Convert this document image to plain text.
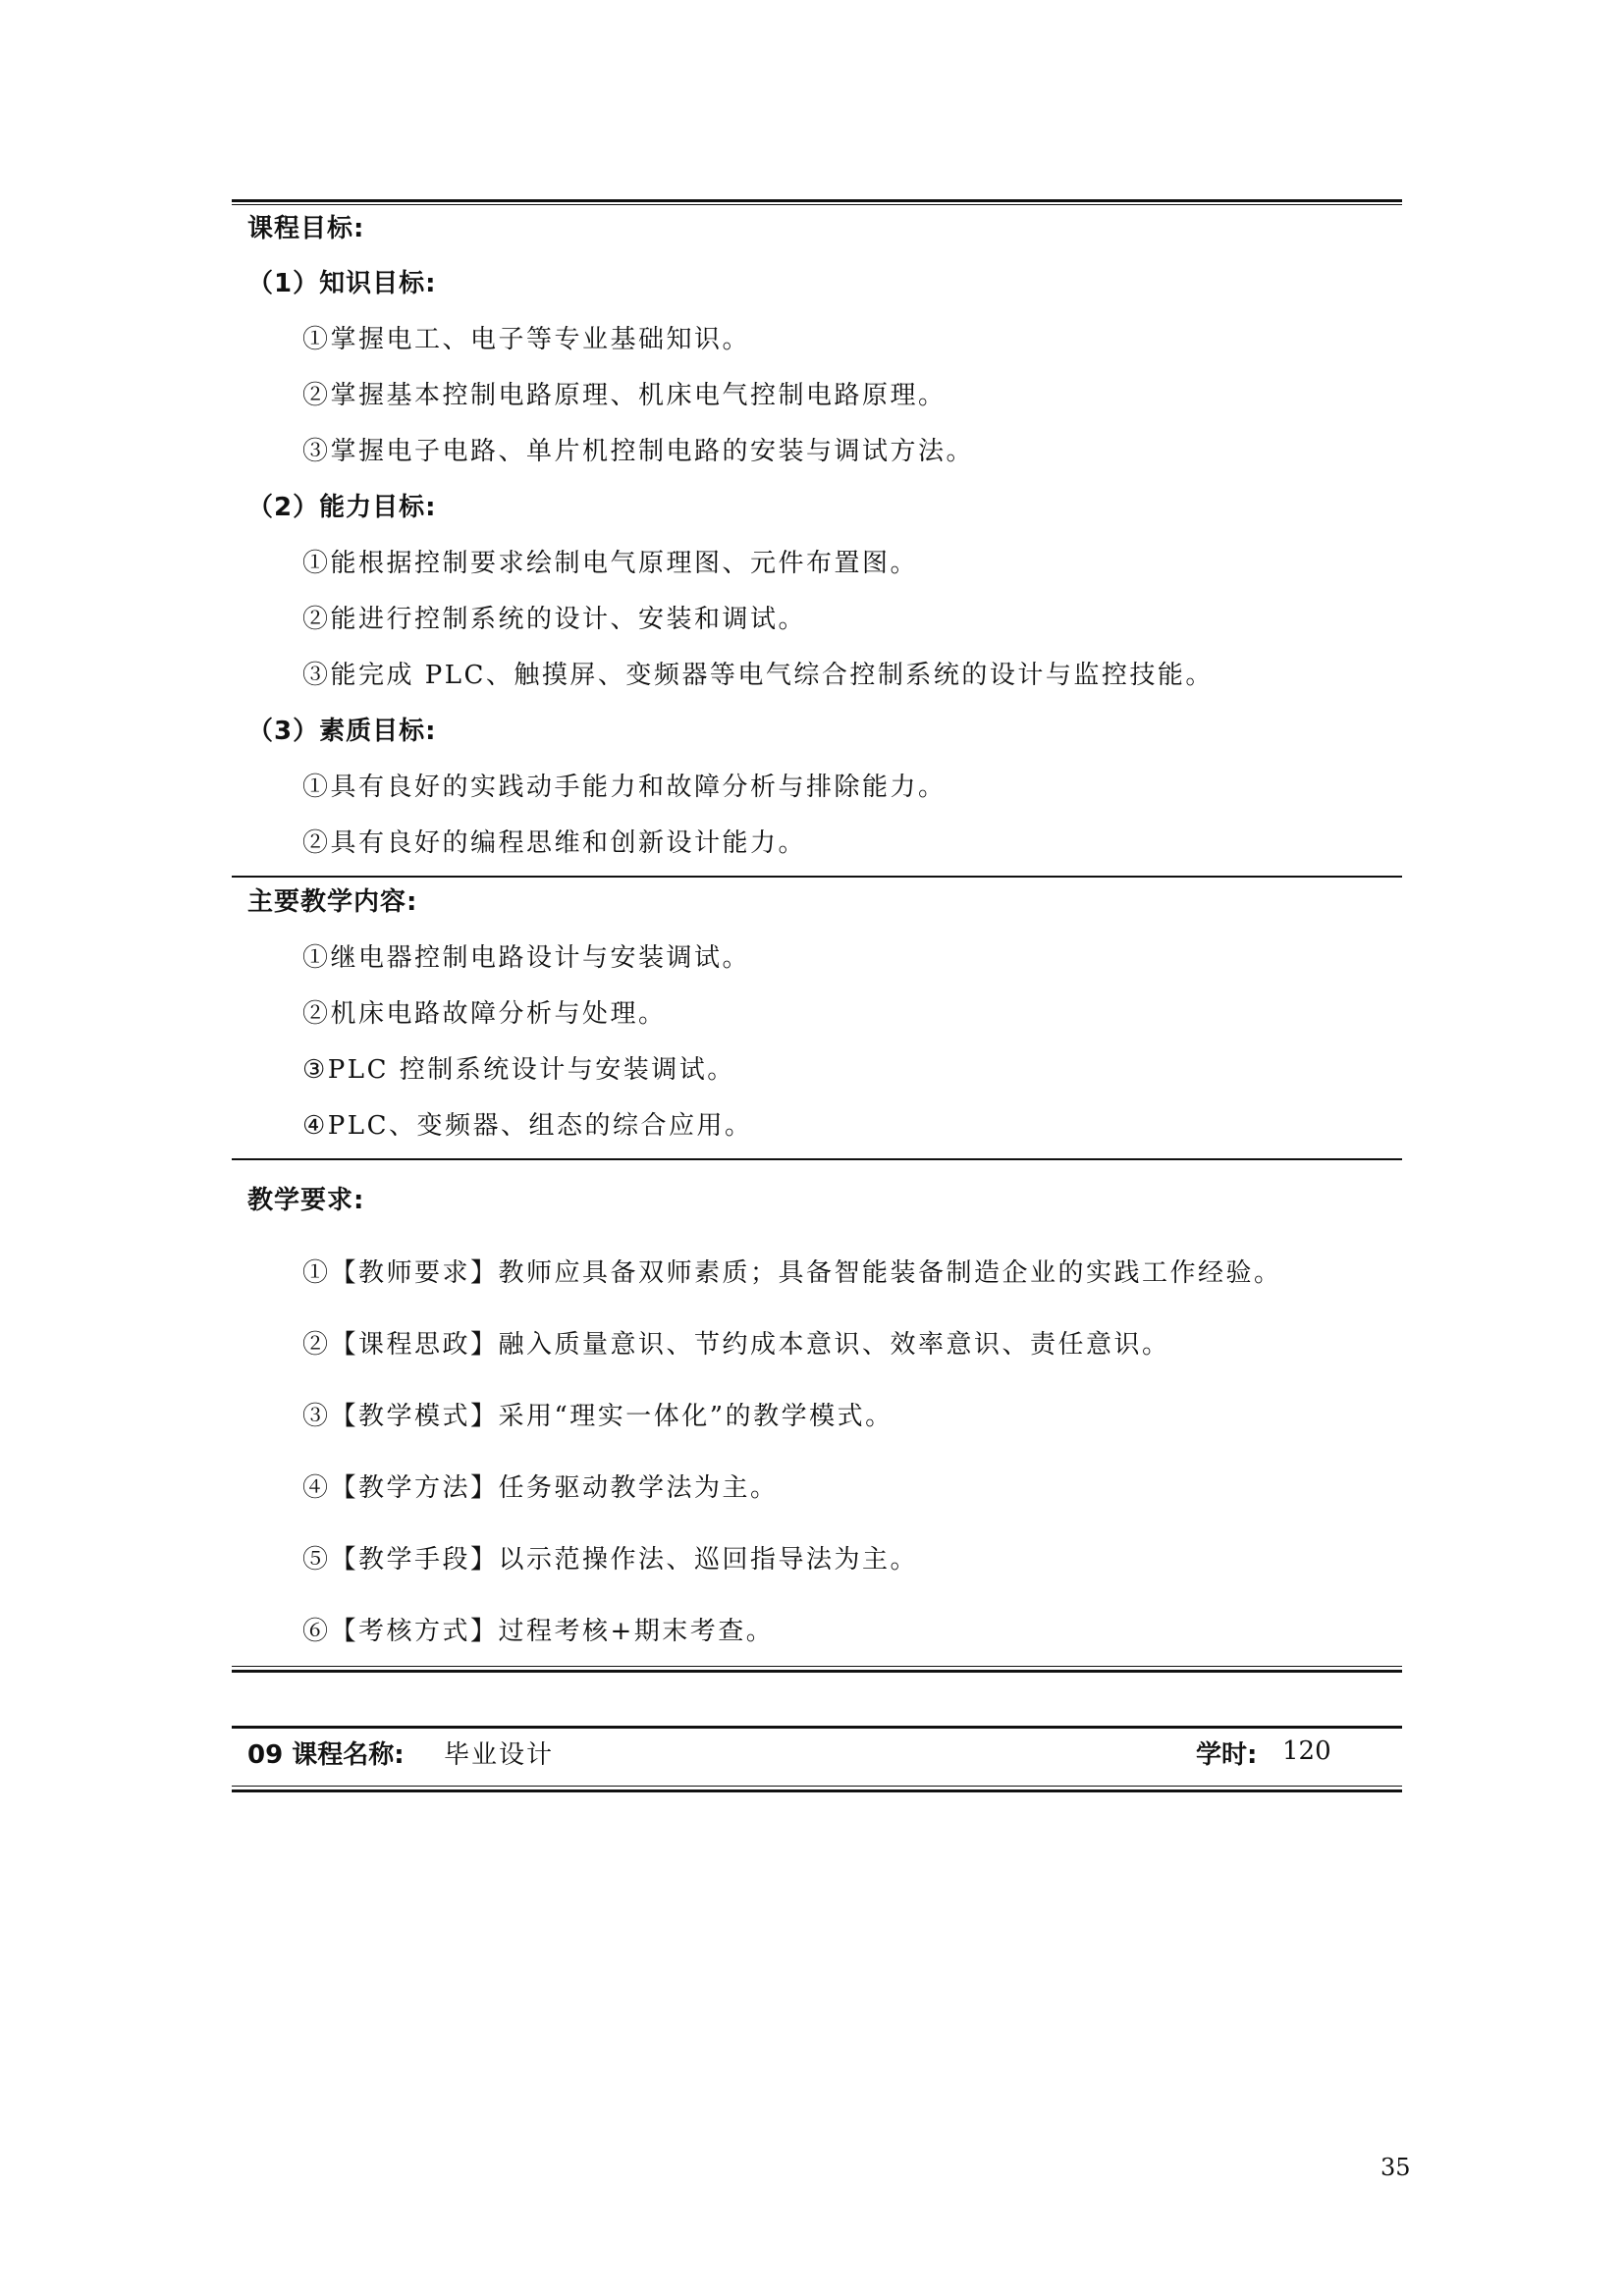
课程目标:
（1）知识目标:
①掌握电工、电子等专业基础知识。
②掌握基本控制电路原理、机床电气控制电路原理。
③掌握电子电路、单片机控制电路的安装与调试方法。
（2）能力目标:
①能根据控制要求绘制电气原理图、元件布置图。
②能进行控制系统的设计、安装和调试。
③能完成 PLC、触摸屏、变频器等电气综合控制系统的设计与监控技能。
（3）素质目标:
①具有良好的实践动手能力和故障分析与排除能力。
②具有良好的编程思维和创新设计能力。
主要教学内容:
①继电器控制电路设计与安装调试。
②机床电路故障分析与处理。
③PLC 控制系统设计与安装调试。
④PLC、变频器、组态的综合应用。
教学要求:
①【教师要求】教师应具备双师素质；具备智能装备制造企业的实践工作经验。
②【课程思政】融入质量意识、节约成本意识、效率意识、责任意识。
③【教学模式】采用“理实一体化”的教学模式。
④【教学方法】任务驱动教学法为主。
⑤【教学手段】以示范操作法、巡回指导法为主。
⑥【考核方式】过程考核+期末考查。
09 课程名称: 毕业设计	学时: 120
35
